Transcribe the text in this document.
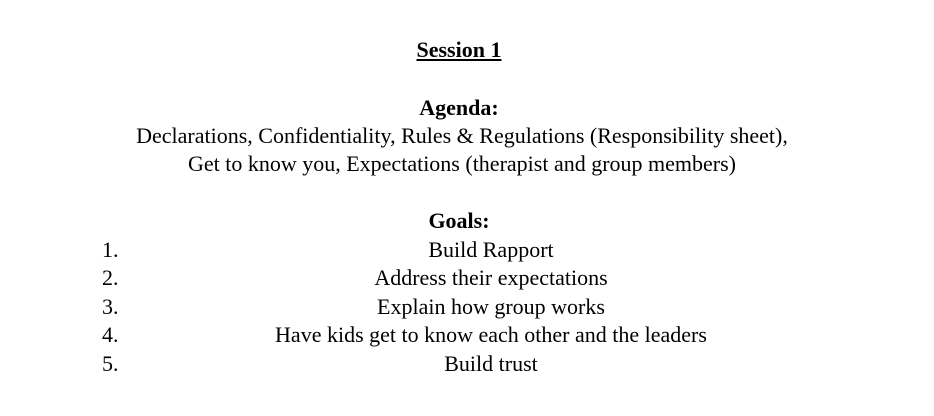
Session 1
Agenda:
Declarations, Confidentiality, Rules & Regulations (Responsibility sheet),
Get to know you, Expectations (therapist and group members)
Goals:
1.	Build Rapport
2.	Address their expectations
3.	Explain how group works
4.	Have kids get to know each other and the leaders
5.	Build trust
